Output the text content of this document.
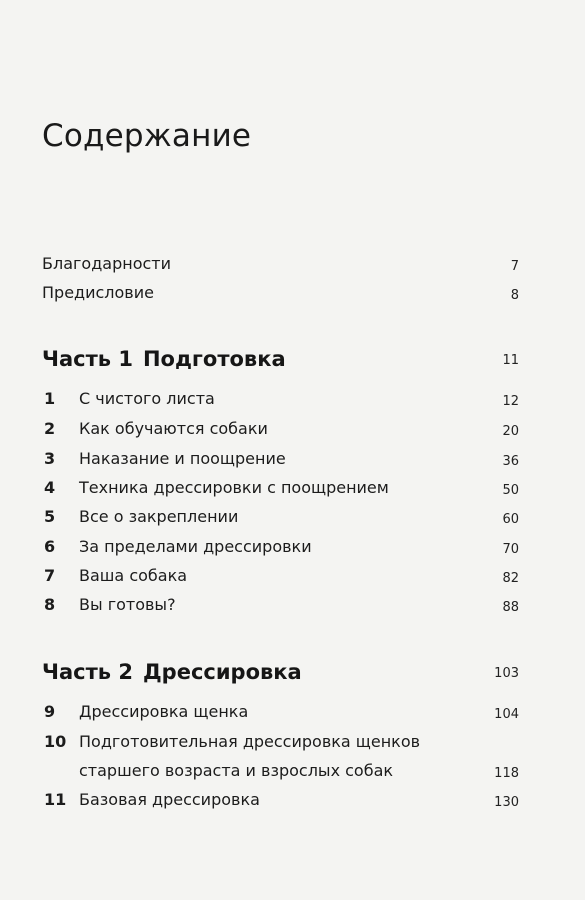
Содержание
Благодарности	7
Предисловие	8
Часть 1 Подготовка	11
1	С чистого листа	12
2	Как обучаются собаки	20
3	Наказание и поощрение	36
4	Техника дрессировки с поощрением	50
5	Все о закреплении	60
6	За пределами дрессировки	70
7	Ваша собака	82
8	Вы готовы?	88
Часть 2 Дрессировка	103
9	Дрессировка щенка	104
10 Подготовительная дрессировка щенков
старшего возраста и взрослых собак	118
11 Базовая дрессировка	130
